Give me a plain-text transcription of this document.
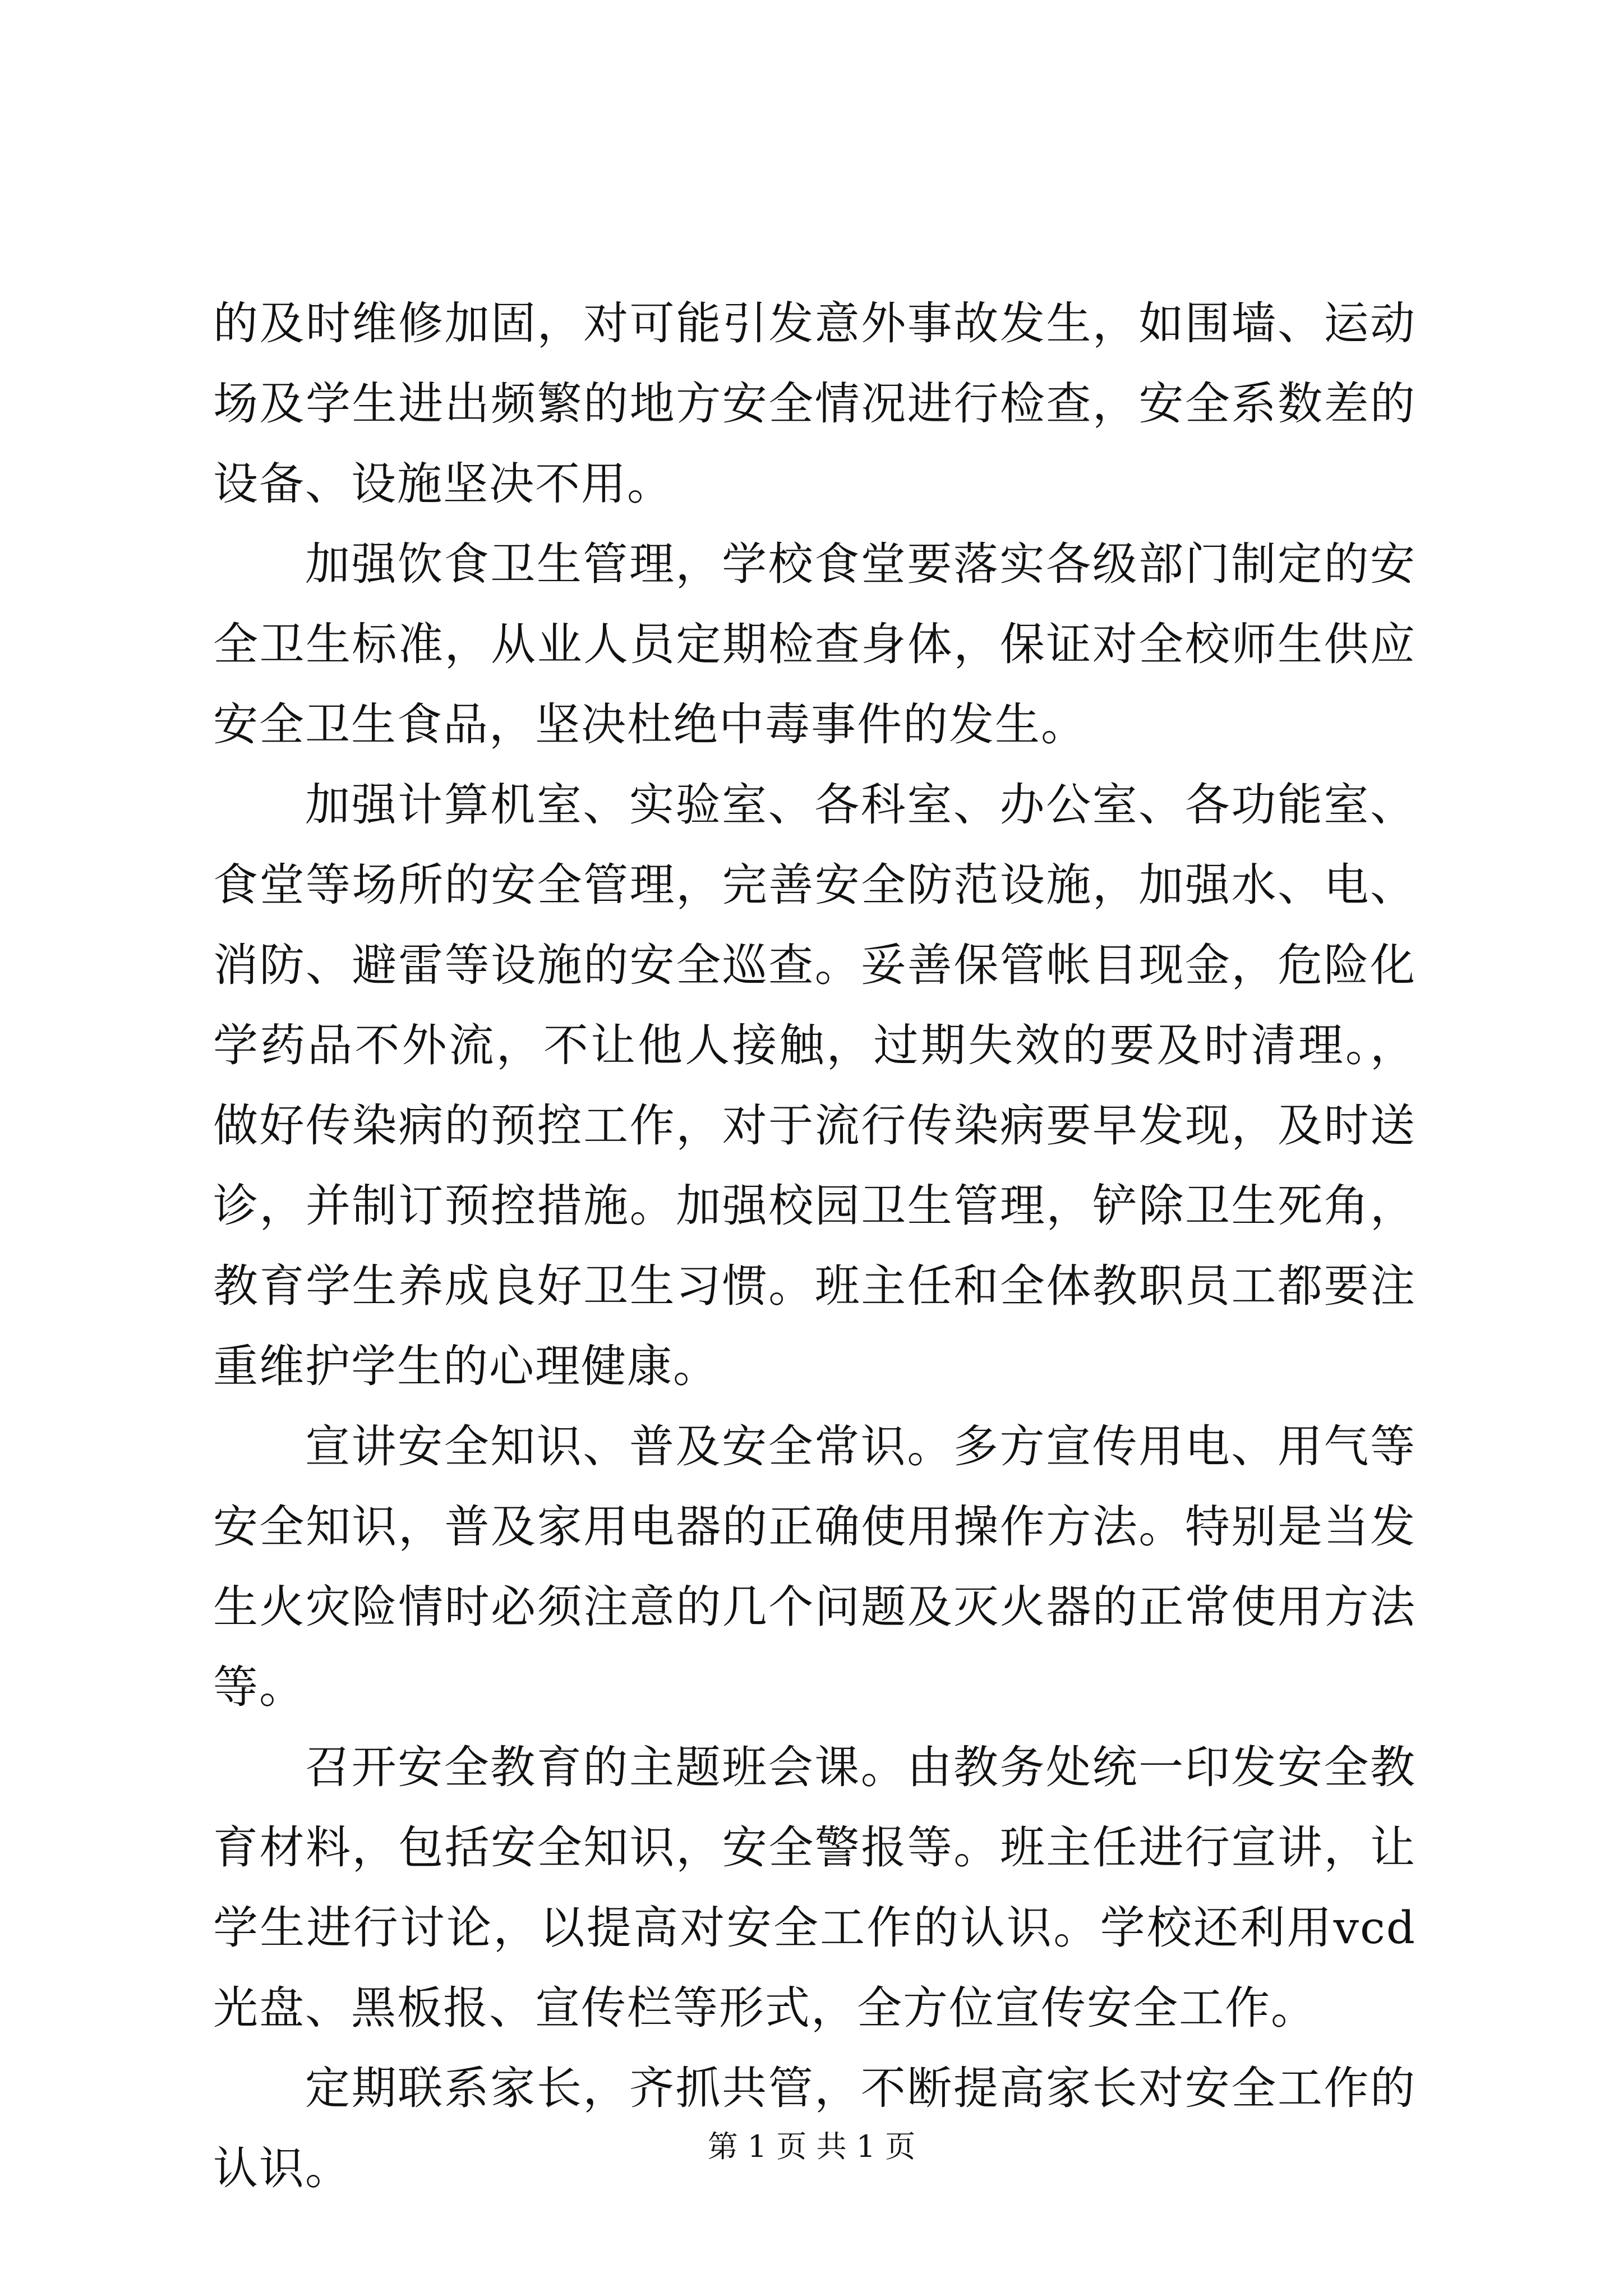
的及时维修加固，对可能引发意外事故发生，如围墙、运动场及学生进出频繁的地方安全情况进行检查，安全系数差的设备、设施坚决不用。

加强饮食卫生管理，学校食堂要落实各级部门制定的安全卫生标准，从业人员定期检查身体，保证对全校师生供应安全卫生食品，坚决杜绝中毒事件的发生。

加强计算机室、实验室、各科室、办公室、各功能室、食堂等场所的安全管理，完善安全防范设施，加强水、电、消防、避雷等设施的安全巡查。妥善保管帐目现金，危险化学药品不外流，不让他人接触，过期失效的要及时清理。，做好传染病的预控工作，对于流行传染病要早发现，及时送诊，并制订预控措施。加强校园卫生管理，铲除卫生死角，教育学生养成良好卫生习惯。班主任和全体教职员工都要注重维护学生的心理健康。

宣讲安全知识、普及安全常识。多方宣传用电、用气等安全知识，普及家用电器的正确使用操作方法。特别是当发生火灾险情时必须注意的几个问题及灭火器的正常使用方法等。

召开安全教育的主题班会课。由教务处统一印发安全教育材料，包括安全知识，安全警报等。班主任进行宣讲，让学生进行讨论，以提高对安全工作的认识。学校还利用vcd光盘、黑板报、宣传栏等形式，全方位宣传安全工作。

定期联系家长，齐抓共管，不断提高家长对安全工作的认识。	第 1 页 共 1 页
